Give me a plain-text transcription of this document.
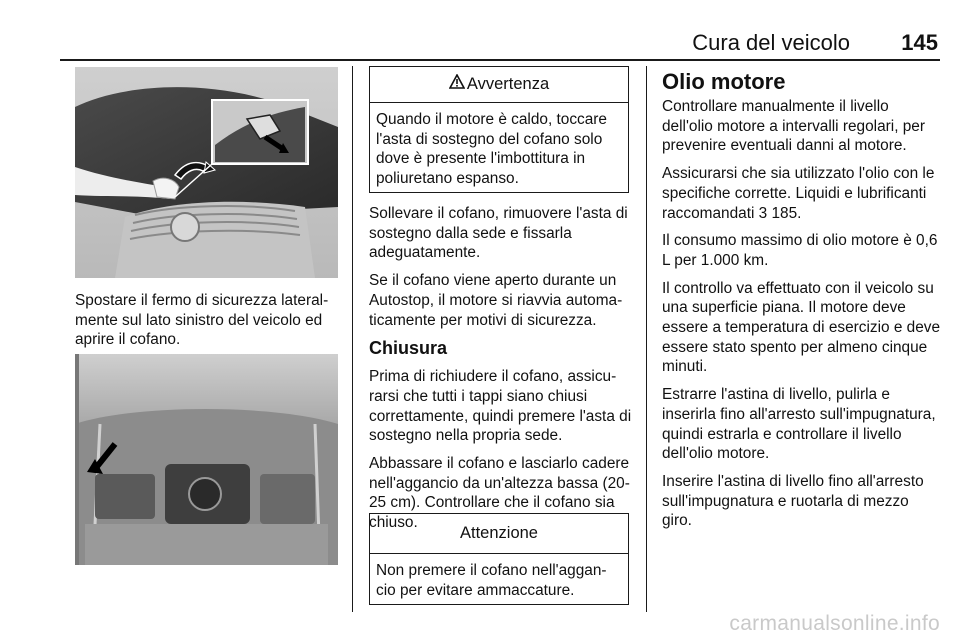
Cura del veicolo	145
Spostare il fermo di sicurezza lateralmente sul lato sinistro del veicolo ed aprire il cofano.
Avvertenza
Quando il motore è caldo, toccare l'asta di sostegno del cofano solo dove è presente l'imbottitura in poliuretano espanso.

Sollevare il cofano, rimuovere l'asta di sostegno dalla sede e fissarla adeguatamente.

Se il cofano viene aperto durante un Autostop, il motore si riavvia automaticamente per motivi di sicurezza.

Chiusura

Prima di richiudere il cofano, assicurarsi che tutti i tappi siano chiusi correttamente, quindi premere l'asta di sostegno nella propria sede.

Abbassare il cofano e lasciarlo cadere nell'aggancio da un'altezza bassa (20-25 cm). Controllare che il cofano sia chiuso.

Attenzione
Non premere il cofano nell'aggancio per evitare ammaccature.
Olio motore

Controllare manualmente il livello dell'olio motore a intervalli regolari, per prevenire eventuali danni al motore.

Assicurarsi che sia utilizzato l'olio con le specifiche corrette. Liquidi e lubrificanti raccomandati 3 185.

Il consumo massimo di olio motore è 0,6 L per 1.000 km.

Il controllo va effettuato con il veicolo su una superficie piana. Il motore deve essere a temperatura di esercizio e deve essere stato spento per almeno cinque minuti.

Estrarre l'astina di livello, pulirla e inserirla fino all'arresto sull'impugnatura, quindi estrarla e controllare il livello dell'olio motore.

Inserire l'astina di livello fino all'arresto sull'impugnatura e ruotarla di mezzo giro.

carmanualsonline.info
